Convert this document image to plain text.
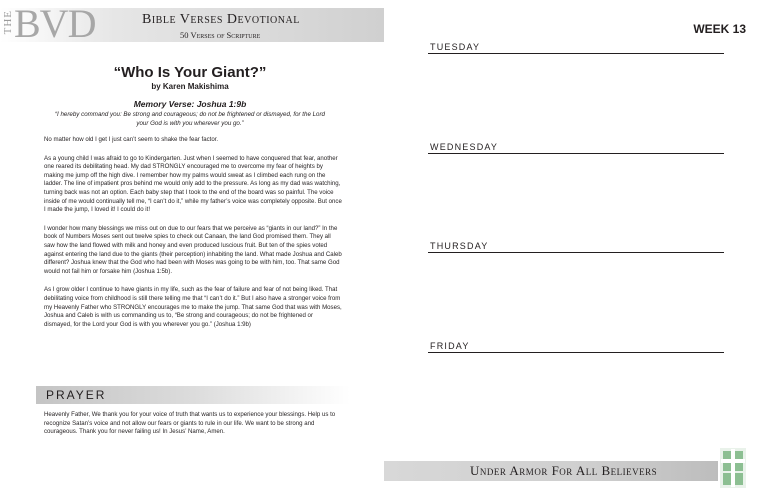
THE BVD	Bible Verses Devotional
50 Verses of Scripture	WEEK 13
“Who Is Your Giant?”
by Karen Makishima
Memory Verse: Joshua 1:9b
“I hereby command you: Be strong and courageous; do not be frightened or dismayed, for the Lord your God is with you wherever you go.”

No matter how old I get I just can’t seem to shake the fear factor.

As a young child I was afraid to go to Kindergarten. Just when I seemed to have conquered that fear, another one reared its debilitating head. My dad STRONGLY encouraged me to overcome my fear of heights by making me jump off the high dive. I remember how my palms would sweat as I climbed each rung on the ladder. The line of impatient pros behind me would only add to the pressure. As long as my dad was watching, turning back was not an option. Each baby step that I took to the end of the board was so painful. The voice inside of me would continually tell me, “I can’t do it,” while my father’s voice was completely opposite. But once I made the jump, I loved it! I could do it!

I wonder how many blessings we miss out on due to our fears that we perceive as “giants in our land?” In the book of Numbers Moses sent out twelve spies to check out Canaan, the land God promised them. They all saw how the land flowed with milk and honey and even produced luscious fruit. But ten of the spies voted against entering the land due to the giants (their perception) inhabiting the land. What made Joshua and Caleb different? Joshua knew that the God who had been with Moses was going to be with him, too. That same God would not fail him or forsake him (Joshua 1:5b).

As I grow older I continue to have giants in my life, such as the fear of failure and fear of not being liked. That debilitating voice from childhood is still there telling me that “I can’t do it.” But I also have a stronger voice from my Heavenly Father who STRONGLY encourages me to make the jump. That same God that was with Moses, Joshua and Caleb is with us commanding us to, “Be strong and courageous; do not be frightened or dismayed, for the Lord your God is with you wherever you go.” (Joshua 1:9b)

PRAYER
Heavenly Father, We thank you for your voice of truth that wants us to experience your blessings. Help us to recognize Satan’s voice and not allow our fears or giants to rule in our life. We want to be strong and courageous. Thank you for never failing us! In Jesus’ Name, Amen.
TUESDAY
WEDNESDAY
THURSDAY
FRIDAY
Under Armor For All Believers
